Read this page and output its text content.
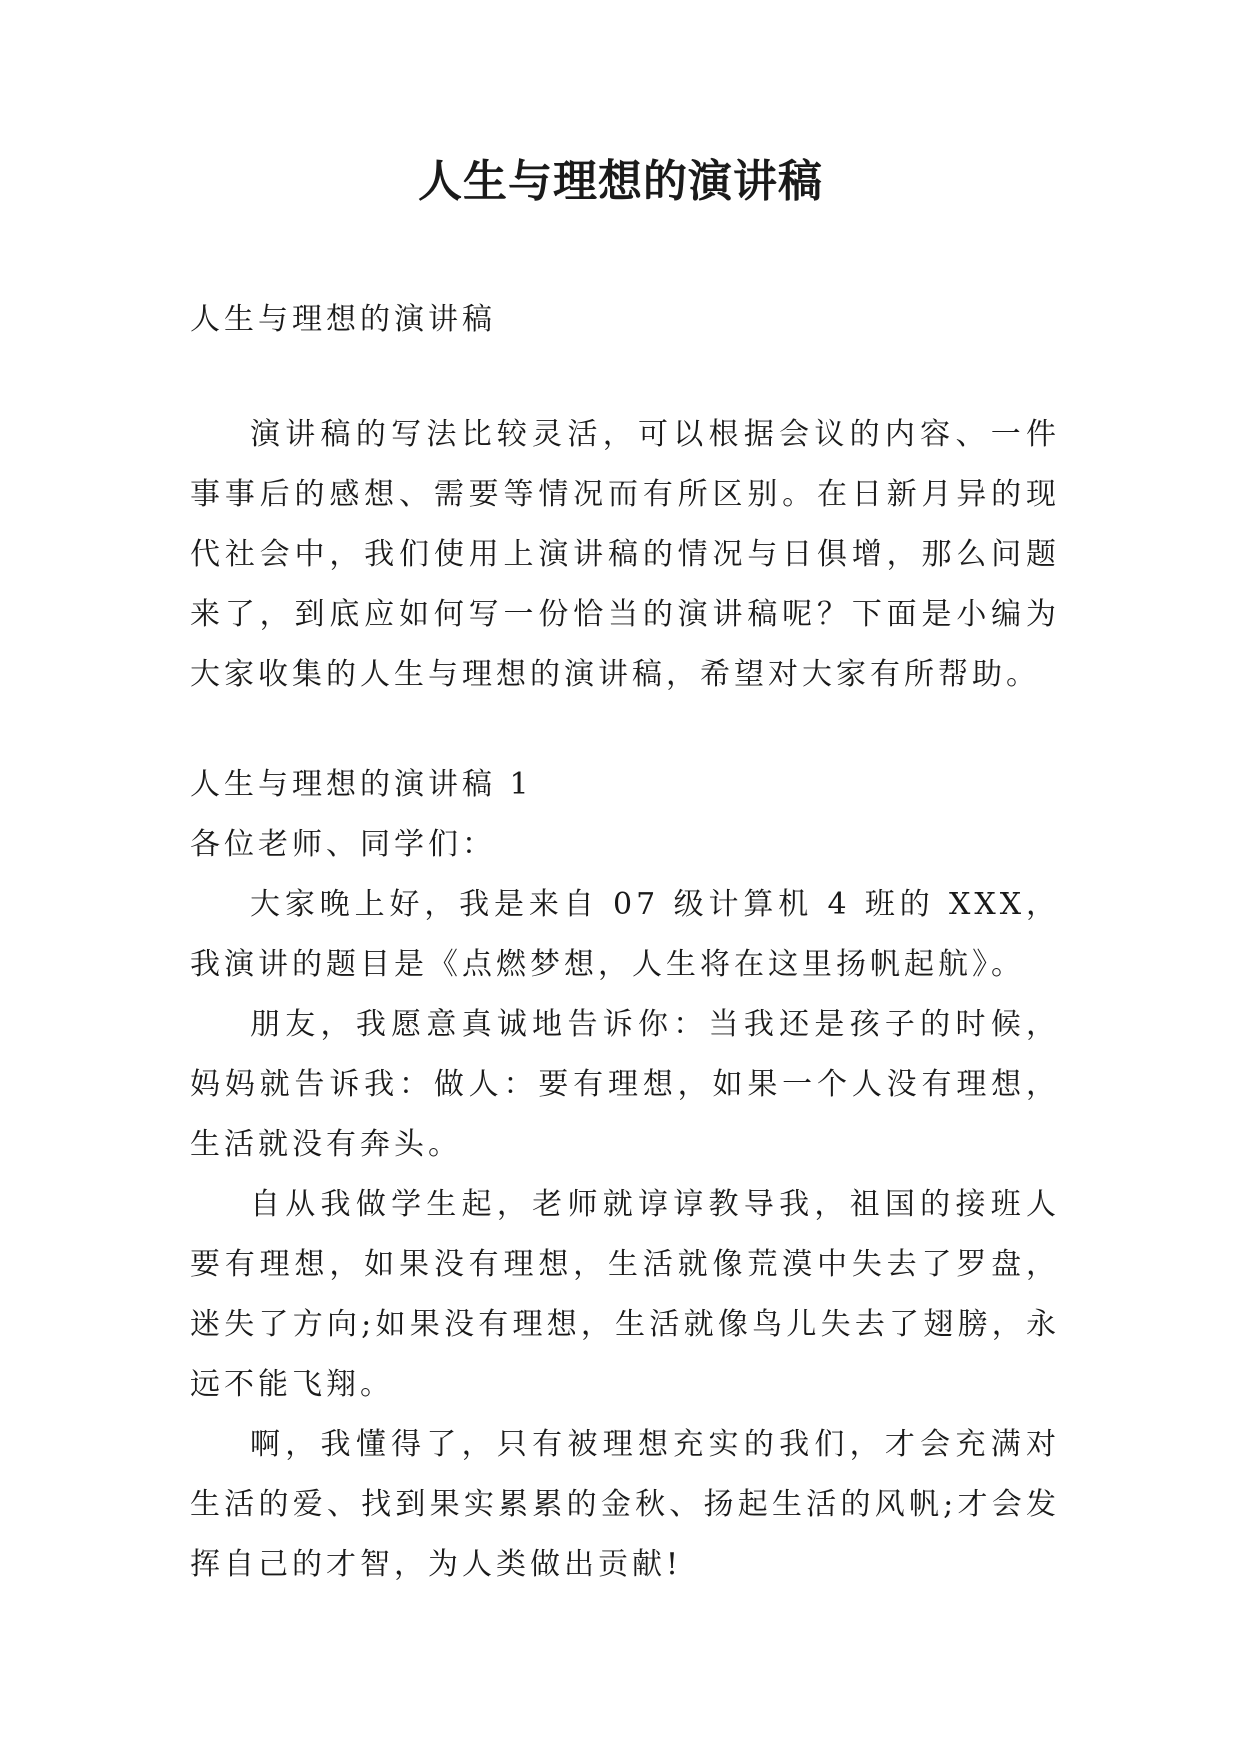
人生与理想的演讲稿

人生与理想的演讲稿

演讲稿的写法比较灵活，可以根据会议的内容、一件事事后的感想、需要等情况而有所区别。在日新月异的现代社会中，我们使用上演讲稿的情况与日俱增，那么问题来了，到底应如何写一份恰当的演讲稿呢？下面是小编为大家收集的人生与理想的演讲稿，希望对大家有所帮助。

人生与理想的演讲稿 1

各位老师、同学们：

大家晚上好，我是来自 07 级计算机 4 班的 XXX，我演讲的题目是《点燃梦想，人生将在这里扬帆起航》。

朋友，我愿意真诚地告诉你：当我还是孩子的时候，妈妈就告诉我：做人：要有理想，如果一个人没有理想，生活就没有奔头。

自从我做学生起，老师就谆谆教导我，祖国的接班人要有理想，如果没有理想，生活就像荒漠中失去了罗盘，迷失了方向;如果没有理想，生活就像鸟儿失去了翅膀，永远不能飞翔。

啊，我懂得了，只有被理想充实的我们，才会充满对生活的爱、找到果实累累的金秋、扬起生活的风帆;才会发挥自己的才智，为人类做出贡献!
